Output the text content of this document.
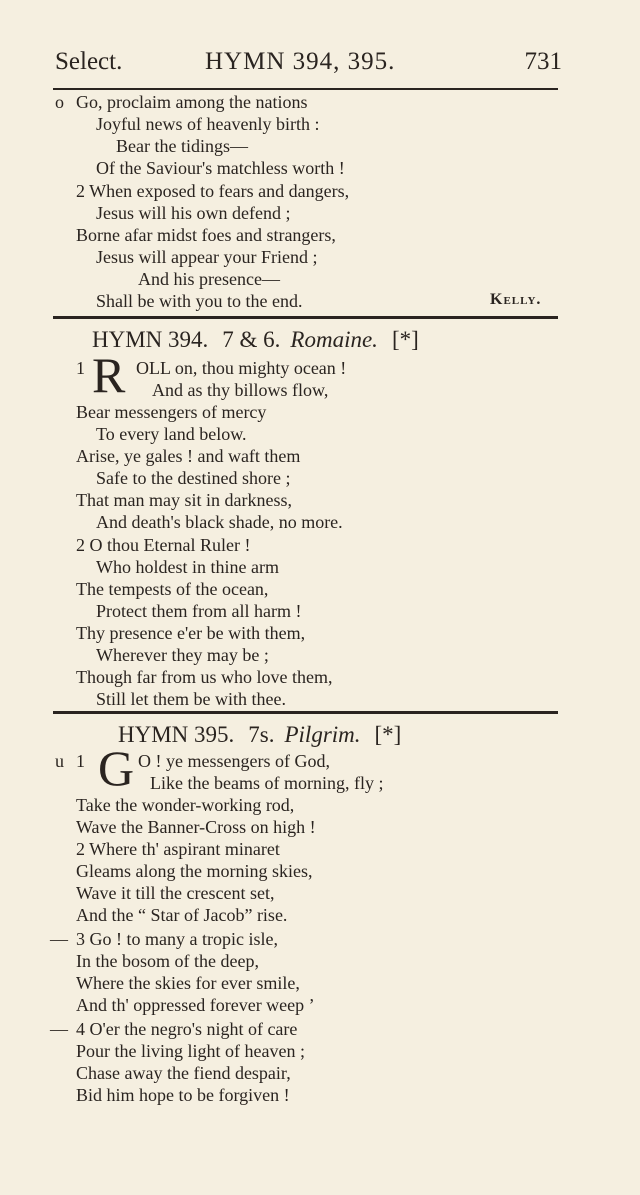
Select.	HYMN 394, 395.	731
o Go, proclaim among the nations
Joyful news of heavenly birth :
Bear the tidings—
Of the Saviour's matchless worth !
2 When exposed to fears and dangers,
Jesus will his own defend ;
Borne afar midst foes and strangers,
Jesus will appear your Friend ;
And his presence—
Shall be with you to the end.	Kelly.
HYMN 394. 7 & 6. Romaine. [*]
1 R OLL on, thou mighty ocean !
And as thy billows flow,
Bear messengers of mercy
To every land below.
Arise, ye gales ! and waft them
Safe to the destined shore ;
That man may sit in darkness,
And death's black shade, no more.
2 O thou Eternal Ruler !
Who holdest in thine arm
The tempests of the ocean,
Protect them from all harm !
Thy presence e'er be with them,
Wherever they may be ;
Though far from us who love them,
Still let them be with thee.
HYMN 395. 7s. Pilgrim. [*]
u 1 G O ! ye messengers of God,
Like the beams of morning, fly ;
Take the wonder-working rod,
Wave the Banner-Cross on high !
2 Where th' aspirant minaret
Gleams along the morning skies,
Wave it till the crescent set,
And the “ Star of Jacob” rise.
— 3 Go ! to many a tropic isle,
In the bosom of the deep,
Where the skies for ever smile,
And th' oppressed forever weep ’
— 4 O'er the negro's night of care
Pour the living light of heaven ;
Chase away the fiend despair,
Bid him hope to be forgiven !
